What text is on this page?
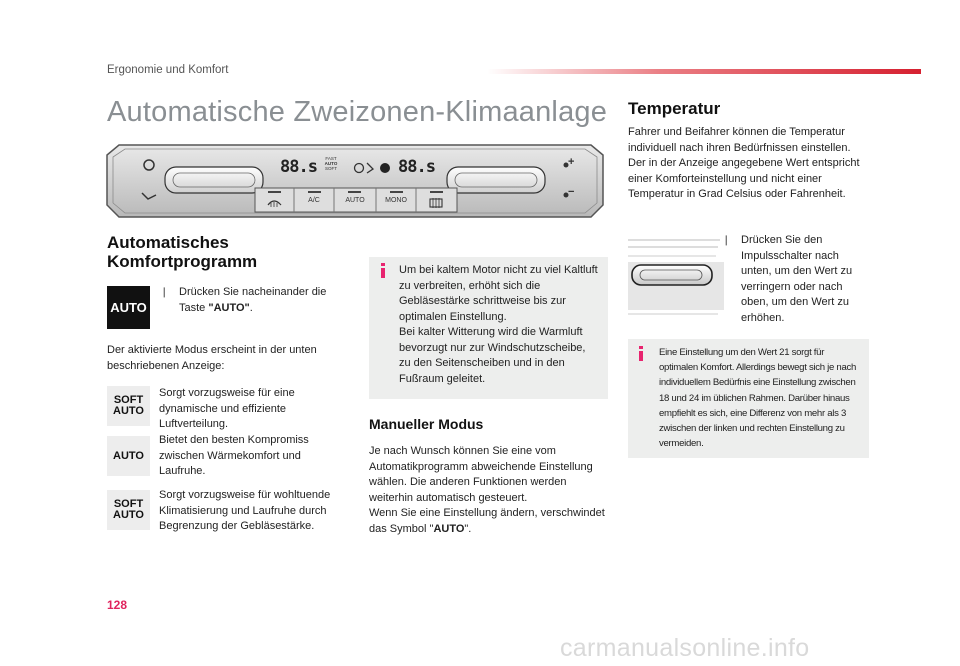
Ergonomie und Komfort
Automatische Zweizonen-Klimaanlage
88.s	88.s
FAST
AUTO
SOFT
A/C	AUTO	MONO
+
−
Automatisches
Komfortprogramm
AUTO
❘ Drücken Sie nacheinander die Taste "AUTO".
Der aktivierte Modus erscheint in der unten beschriebenen Anzeige:
SOFT
AUTO
Sorgt vorzugsweise für eine dynamische und effiziente Luftverteilung.
AUTO
Bietet den besten Kompromiss zwischen Wärmekomfort und Laufruhe.
SOFT
AUTO
Sorgt vorzugsweise für wohltuende Klimatisierung und Laufruhe durch Begrenzung der Gebläsestärke.
Um bei kaltem Motor nicht zu viel Kaltluft zu verbreiten, erhöht sich die Gebläsestärke schrittweise bis zur optimalen Einstellung.
Bei kalter Witterung wird die Warmluft bevorzugt nur zur Windschutzscheibe, zu den Seitenscheiben und in den Fußraum geleitet.
Manueller Modus
Je nach Wunsch können Sie eine vom Automatikprogramm abweichende Einstellung wählen. Die anderen Funktionen werden weiterhin automatisch gesteuert.
Wenn Sie eine Einstellung ändern, verschwindet das Symbol "AUTO".
Temperatur
Fahrer und Beifahrer können die Temperatur individuell nach ihren Bedürfnissen einstellen. Der in der Anzeige angegebene Wert entspricht einer Komforteinstellung und nicht einer Temperatur in Grad Celsius oder Fahrenheit.
❘ Drücken Sie den Impulsschalter nach unten, um den Wert zu verringern oder nach oben, um den Wert zu erhöhen.
Eine Einstellung um den Wert 21 sorgt für optimalen Komfort. Allerdings bewegt sich je nach individuellem Bedürfnis eine Einstellung zwischen 18 und 24 im üblichen Rahmen. Darüber hinaus empfiehlt es sich, eine Differenz von mehr als 3 zwischen der linken und rechten Einstellung zu vermeiden.
128
carmanualsonline.info
